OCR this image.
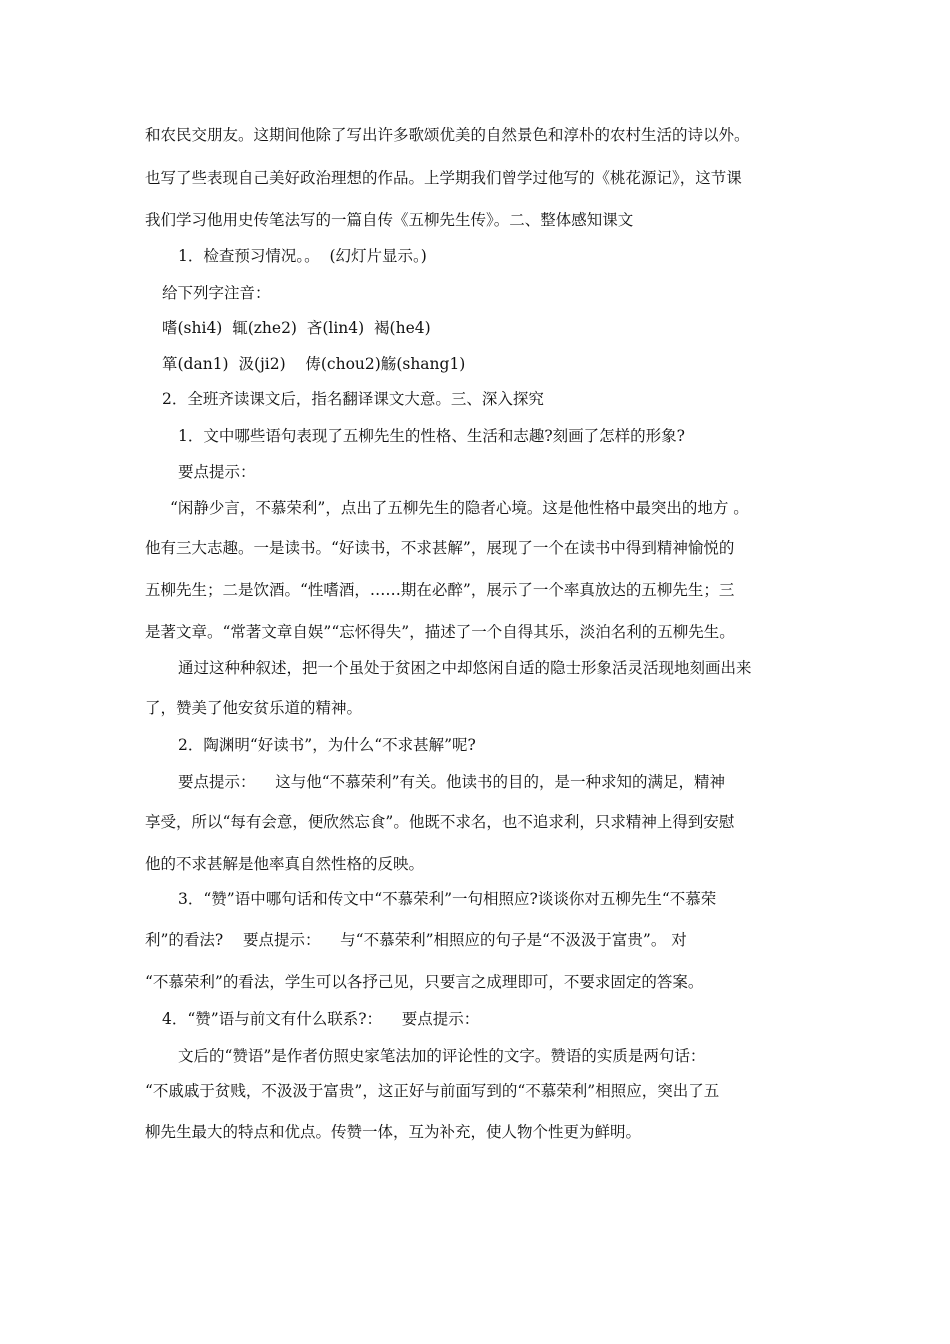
和农民交朋友。这期间他除了写出许多歌颂优美的自然景色和淳朴的农村生活的诗以外。
也写了些表现自己美好政治理想的作品。上学期我们曾学过他写的《桃花源记》，这节课
我们学习他用史传笔法写的一篇自传《五柳先生传》。二、整体感知课文
1．检查预习情况。。  (幻灯片显示。)
给下列字注音：
嗜(shi4)  辄(zhe2)  吝(lin4)  褐(he4)
箪(dan1)  汲(ji2)    俦(chou2)觞(shang1)
2．全班齐读课文后，指名翻译课文大意。三、深入探究
1．文中哪些语句表现了五柳先生的性格、生活和志趣?刻画了怎样的形象?
要点提示：
“闲静少言，不慕荣利”，点出了五柳先生的隐者心境。这是他性格中最突出的地方 。
他有三大志趣。一是读书。“好读书，不求甚解”，展现了一个在读书中得到精神愉悦的
五柳先生；二是饮酒。“性嗜酒，……期在必醉”，展示了一个率真放达的五柳先生；三
是著文章。“常著文章自娱”“忘怀得失”，描述了一个自得其乐，淡泊名利的五柳先生。
通过这种种叙述，把一个虽处于贫困之中却悠闲自适的隐士形象活灵活现地刻画出来
了，赞美了他安贫乐道的精神。
2．陶渊明“好读书”，为什么“不求甚解”呢?
要点提示：    这与他“不慕荣利”有关。他读书的目的，是一种求知的满足，精神
享受，所以“每有会意，便欣然忘食”。他既不求名，也不追求利，只求精神上得到安慰
他的不求甚解是他率真自然性格的反映。
3．“赞”语中哪句话和传文中“不慕荣利”一句相照应?谈谈你对五柳先生“不慕荣
利”的看法?    要点提示：    与“不慕荣利”相照应的句子是“不汲汲于富贵”。 对
“不慕荣利”的看法，学生可以各抒己见，只要言之成理即可，不要求固定的答案。
4．“赞”语与前文有什么联系?：    要点提示：
文后的“赞语”是作者仿照史家笔法加的评论性的文字。赞语的实质是两句话：
“不戚戚于贫贱，不汲汲于富贵”，这正好与前面写到的“不慕荣利”相照应，突出了五
柳先生最大的特点和优点。传赞一体，互为补充，使人物个性更为鲜明。
